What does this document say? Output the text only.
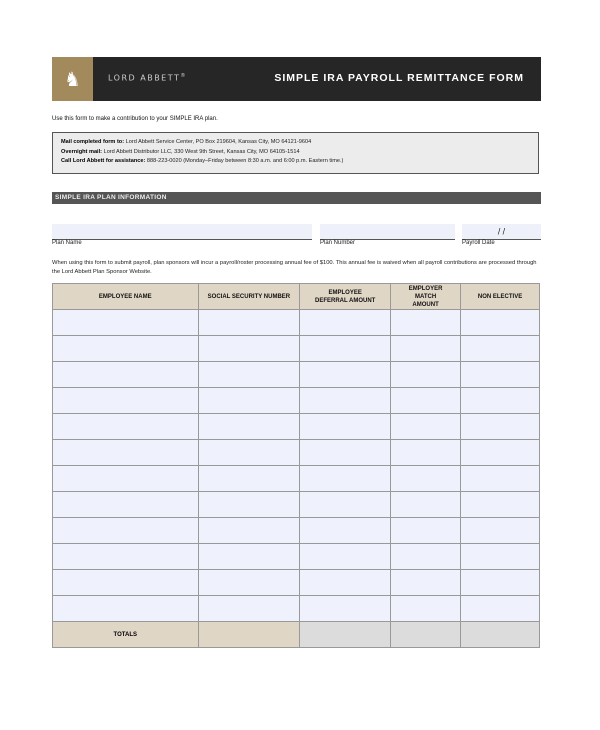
♞	LORD ABBETT®	SIMPLE IRA PAYROLL REMITTANCE FORM
Use this form to make a contribution to your SIMPLE IRA plan.
Mail completed form to: Lord Abbett Service Center, PO Box 219604, Kansas City, MO 64121-9604
Overnight mail: Lord Abbett Distributor LLC, 330 West 9th Street, Kansas City, MO 64105-1514
Call Lord Abbett for assistance: 888-223-0020 (Monday–Friday between 8:30 a.m. and 6:00 p.m. Eastern time.)
SIMPLE IRA PLAN INFORMATION
Plan Name	Plan Number
/ /
Payroll Date
When using this form to submit payroll, plan sponsors will incur a payroll/roster processing annual fee of $100. This annual fee is waived when all payroll contributions are processed through the Lord Abbett Plan Sponsor Website.
EMPLOYEE NAME	SOCIAL SECURITY NUMBER	EMPLOYEE DEFERRAL AMOUNT	EMPLOYER MATCH AMOUNT	NON ELECTIVE

TOTALS				
